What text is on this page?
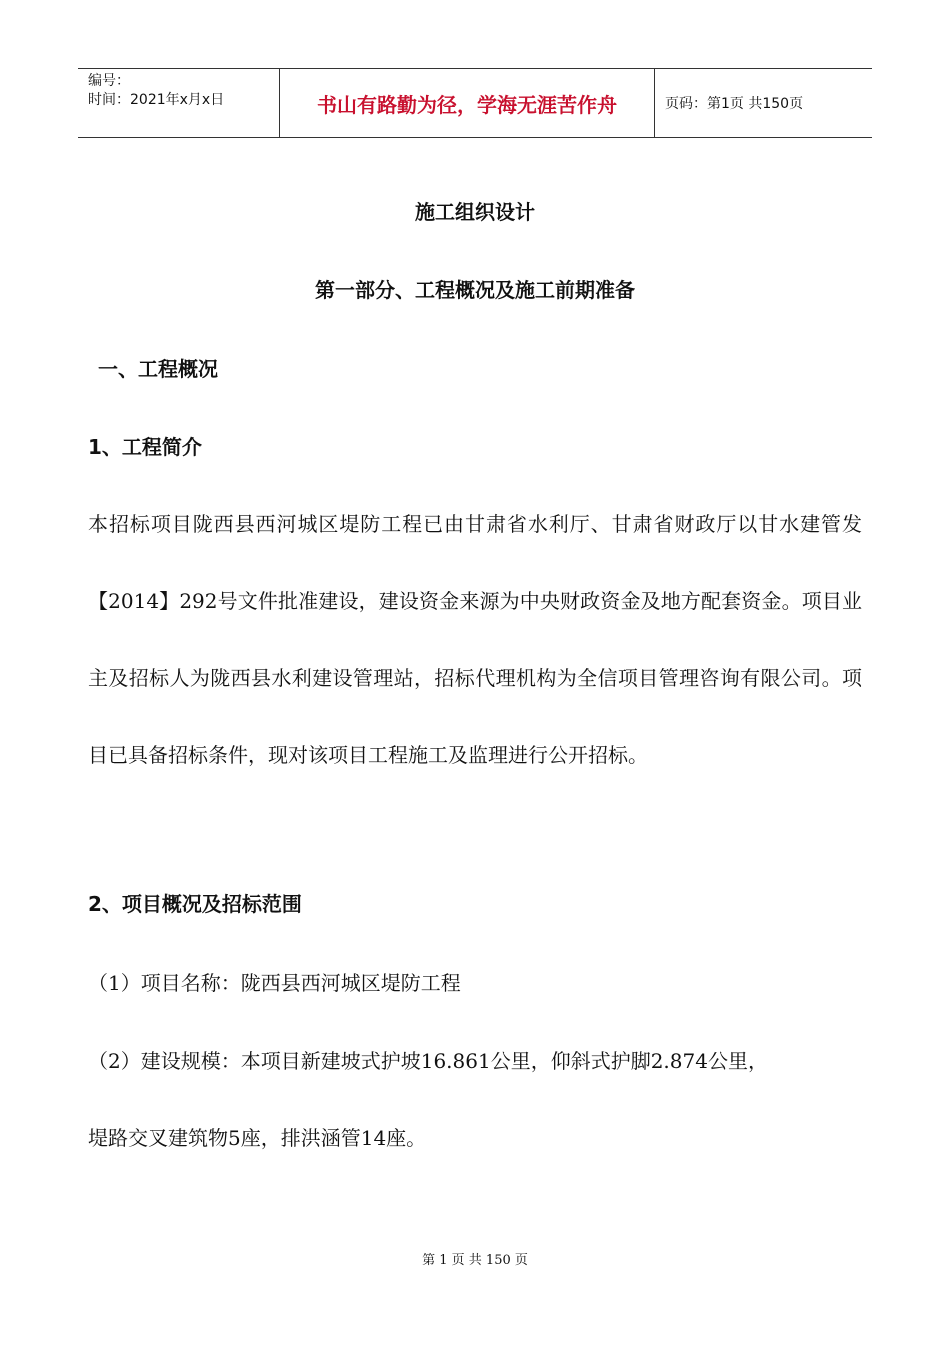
编号：
时间：2021年x月x日	书山有路勤为径，学海无涯苦作舟	页码：第1页 共150页
施工组织设计
第一部分、工程概况及施工前期准备
一、工程概况
1、工程简介
本招标项目陇西县西河城区堤防工程已由甘肃省水利厅、甘肃省财政厅以甘水建管发【2014】292号文件批准建设，建设资金来源为中央财政资金及地方配套资金。项目业主及招标人为陇西县水利建设管理站，招标代理机构为全信项目管理咨询有限公司。项目已具备招标条件，现对该项目工程施工及监理进行公开招标。
2、项目概况及招标范围
（1）项目名称：陇西县西河城区堤防工程
（2）建设规模：本项目新建坡式护坡16.861公里，仰斜式护脚2.874公里，
堤路交叉建筑物5座，排洪涵管14座。
第 1 页 共 150 页
